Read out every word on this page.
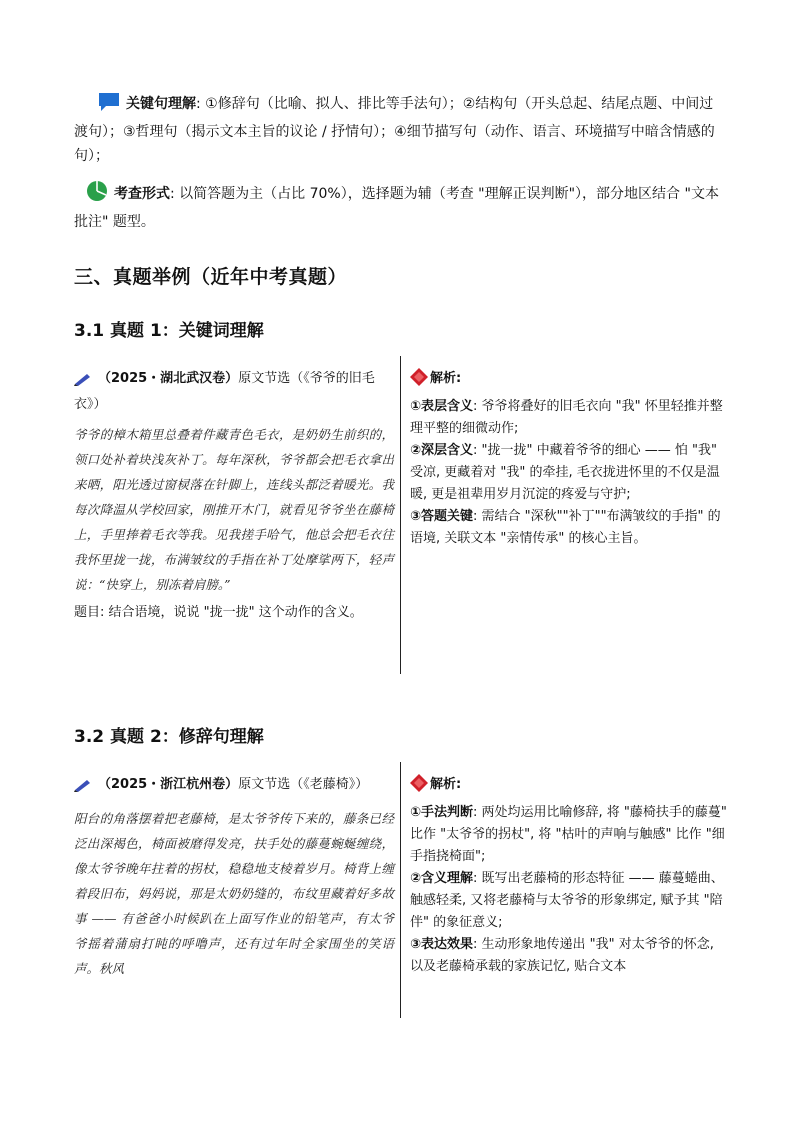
关键句理解: ①修辞句（比喻、拟人、排比等手法句）；②结构句（开头总起、结尾点题、中间过渡句）；③哲理句（揭示文本主旨的议论 / 抒情句）；④细节描写句（动作、语言、环境描写中暗含情感的句）；

考查形式: 以简答题为主（占比 70%），选择题为辅（考查 "理解正误判断"），部分地区结合 "文本批注" 题型。

三、真题举例（近年中考真题）
3.1 真题 1：关键词理解

（2025・湖北武汉卷）原文节选（《爷爷的旧毛衣》）

爷爷的樟木箱里总叠着件藏青色毛衣，是奶奶生前织的，领口处补着块浅灰补丁。每年深秋，爷爷都会把毛衣拿出来晒，阳光透过窗棂落在针脚上，连线头都泛着暖光。我每次降温从学校回家，刚推开木门，就看见爷爷坐在藤椅上，手里捧着毛衣等我。见我搓手哈气，他总会把毛衣往我怀里拢一拢，布满皱纹的手指在补丁处摩挲两下，轻声说：“快穿上，别冻着肩膀。”

题目: 结合语境，说说 "拢一拢" 这个动作的含义。

解析:

①表层含义: 爷爷将叠好的旧毛衣向 "我" 怀里轻推并整理平整的细微动作;

②深层含义: "拢一拢" 中藏着爷爷的细心 —— 怕 "我" 受凉, 更藏着对 "我" 的牵挂, 毛衣拢进怀里的不仅是温暖, 更是祖辈用岁月沉淀的疼爱与守护;

③答题关键: 需结合 "深秋""补丁""布满皱纹的手指" 的语境, 关联文本 "亲情传承" 的核心主旨。

3.2 真题 2：修辞句理解

（2025・浙江杭州卷）原文节选（《老藤椅》）

阳台的角落摆着把老藤椅，是太爷爷传下来的，藤条已经泛出深褐色，椅面被磨得发亮，扶手处的藤蔓蜿蜒缠绕，像太爷爷晚年拄着的拐杖，稳稳地支棱着岁月。椅背上缠着段旧布，妈妈说，那是太奶奶缝的，布纹里藏着好多故事 —— 有爸爸小时候趴在上面写作业的铅笔声，有太爷爷摇着蒲扇打盹的呼噜声，还有过年时全家围坐的笑语声。秋风

解析:

①手法判断: 两处均运用比喻修辞, 将 "藤椅扶手的藤蔓" 比作 "太爷爷的拐杖", 将 "枯叶的声响与触感" 比作 "细手指挠椅面";

②含义理解: 既写出老藤椅的形态特征 —— 藤蔓蜷曲、触感轻柔, 又将老藤椅与太爷爷的形象绑定, 赋予其 "陪伴" 的象征意义;

③表达效果: 生动形象地传递出 "我" 对太爷爷的怀念, 以及老藤椅承载的家族记忆, 贴合文本
